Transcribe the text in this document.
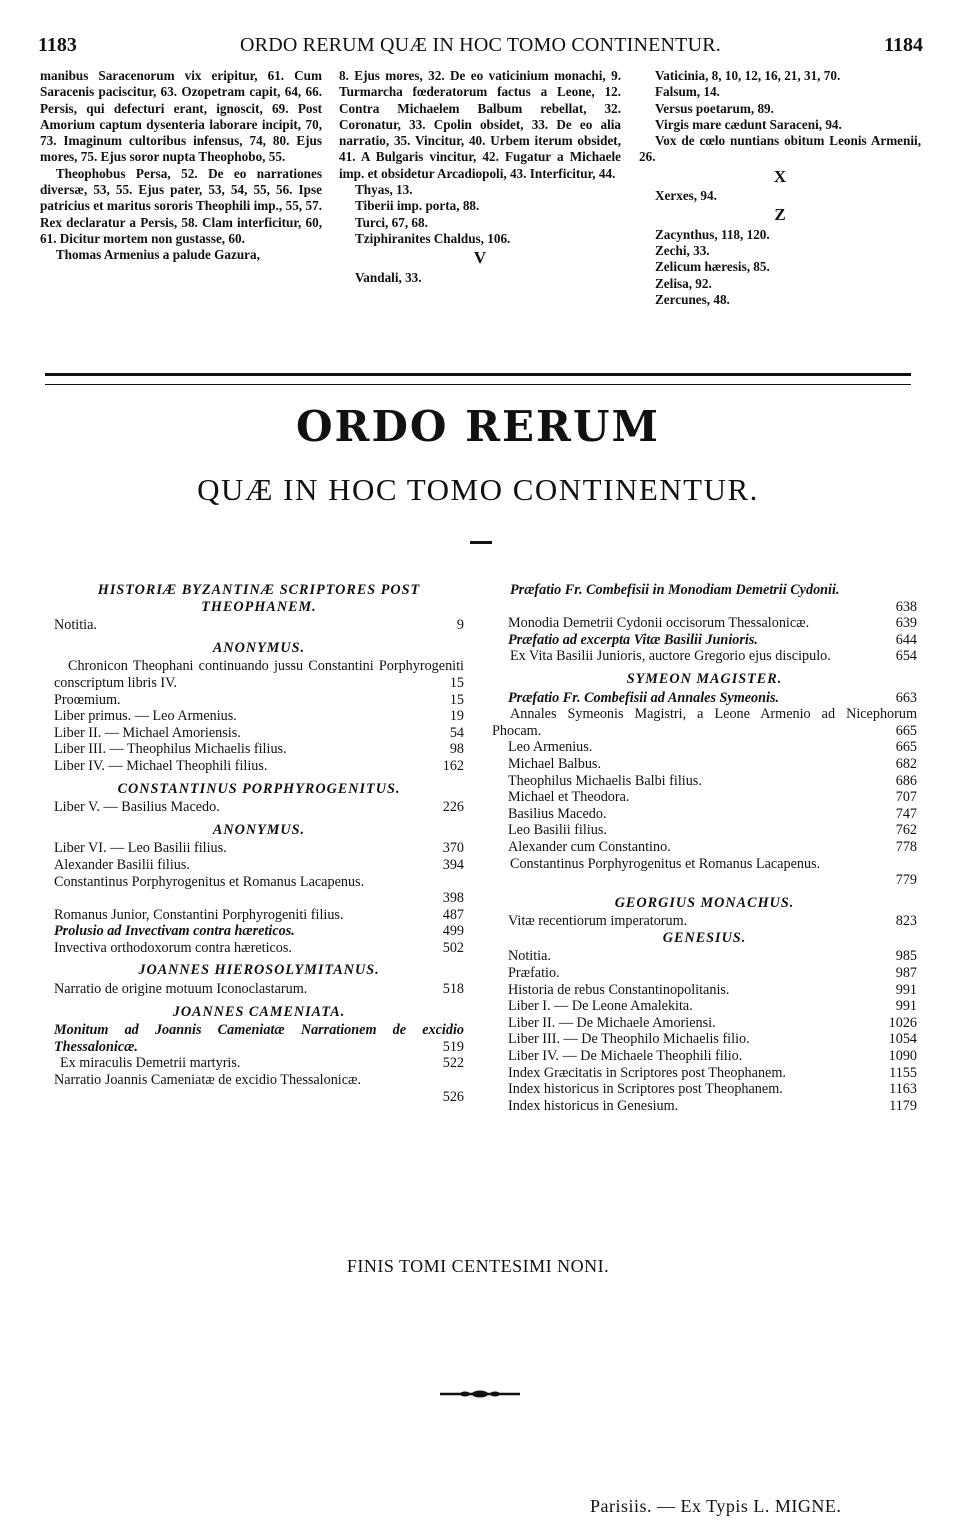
1183	ORDO RERUM QUÆ IN HOC TOMO CONTINENTUR.	1184

manibus Saracenorum vix eripitur, 61. Cum Saracenis paciscitur, 63. Ozopetram capit, 64, 66. Persis, qui defecturi erant, ignoscit, 69. Post Amorium captum dysenteria laborare incipit, 70, 73. Imaginum cultoribus infensus, 74, 80. Ejus mores, 75. Ejus soror nupta Theophobo, 55.

Theophobus Persa, 52. De eo narrationes diversæ, 53, 55. Ejus pater, 53, 54, 55, 56. Ipse patricius et maritus sororis Theophili imp., 55, 57. Rex declaratur a Persis, 58. Clam interficitur, 60, 61. Dicitur mortem non gustasse, 60.

Thomas Armenius a palude Gazura,

8. Ejus mores, 32. De eo vaticinium monachi, 9. Turmarcha fœderatorum factus a Leone, 12. Contra Michaelem Balbum rebellat, 32. Coronatur, 33. Cpolin obsidet, 33. De eo alia narratio, 35. Vincitur, 40. Urbem iterum obsidet, 41. A Bulgaris vincitur, 42. Fugatur a Michaele imp. et obsidetur Arcadiopoli, 43. Interficitur, 44.

Thyas, 13.

Tiberii imp. porta, 88.

Turci, 67, 68.

Tziphiranites Chaldus, 106.

V

Vandali, 33.

Vaticinia, 8, 10, 12, 16, 21, 31, 70.

Falsum, 14.

Versus poetarum, 89.

Virgis mare cædunt Saraceni, 94.

Vox de cœlo nuntians obitum Leonis Armenii, 26.

X

Xerxes, 94.

Z

Zacynthus, 118, 120.

Zechi, 33.

Zelicum hæresis, 85.

Zelisa, 92.

Zercunes, 48.

ORDO RERUM
QUÆ IN HOC TOMO CONTINENTUR.
HISTORIÆ BYZANTINÆ SCRIPTORES POST THEOPHANEM.
Notitia.	9
ANONYMUS.
Chronicon Theophani continuando jussu Constantini Porphyrogeniti conscriptum libris IV.	15
Proœmium.	15
Liber primus. — Leo Armenius.	19
Liber II. — Michael Amoriensis.	54
Liber III. — Theophilus Michaelis filius.	98
Liber IV. — Michael Theophili filius.	162
CONSTANTINUS PORPHYROGENITUS.
Liber V. — Basilius Macedo.	226
ANONYMUS.
Liber VI. — Leo Basilii filius.	370
Alexander Basilii filius.	394
Constantinus Porphyrogenitus et Romanus Lacapenus.
398
Romanus Junior, Constantini Porphyrogeniti filius.	487
Prolusio ad Invectivam contra hæreticos.	499
Invectiva orthodoxorum contra hæreticos.	502
JOANNES HIEROSOLYMITANUS.
Narratio de origine motuum Iconoclastarum.	518
JOANNES CAMENIATA.
Monitum ad Joannis Cameniatæ Narrationem de excidio Thessalonicæ.	519
Ex miraculis Demetrii martyris.	522
Narratio Joannis Cameniatæ de excidio Thessalonicæ.
526
Præfatio Fr. Combefisii in Monodiam Demetrii Cydonii.
638
Monodia Demetrii Cydonii occisorum Thessalonicæ.	639
Præfatio ad excerpta Vitæ Basilii Junioris.	644
Ex Vita Basilii Junioris, auctore Gregorio ejus discipulo.	654
SYMEON MAGISTER.
Præfatio Fr. Combefisii ad Annales Symeonis.	663
Annales Symeonis Magistri, a Leone Armenio ad Nicephorum Phocam.	665
Leo Armenius.	665
Michael Balbus.	682
Theophilus Michaelis Balbi filius.	686
Michael et Theodora.	707
Basilius Macedo.	747
Leo Basilii filius.	762
Alexander cum Constantino.	778
Constantinus Porphyrogenitus et Romanus Lacapenus.
779
GEORGIUS MONACHUS.
Vitæ recentiorum imperatorum.	823
GENESIUS.
Notitia.	985
Præfatio.	987
Historia de rebus Constantinopolitanis.	991
Liber I. — De Leone Amalekita.	991
Liber II. — De Michaele Amoriensi.	1026
Liber III. — De Theophilo Michaelis filio.	1054
Liber IV. — De Michaele Theophili filio.	1090
Index Græcitatis in Scriptores post Theophanem.	1155
Index historicus in Scriptores post Theophanem.	1163
Index historicus in Genesium.	1179
FINIS TOMI CENTESIMI NONI.
Parisiis. — Ex Typis L. MIGNE.
